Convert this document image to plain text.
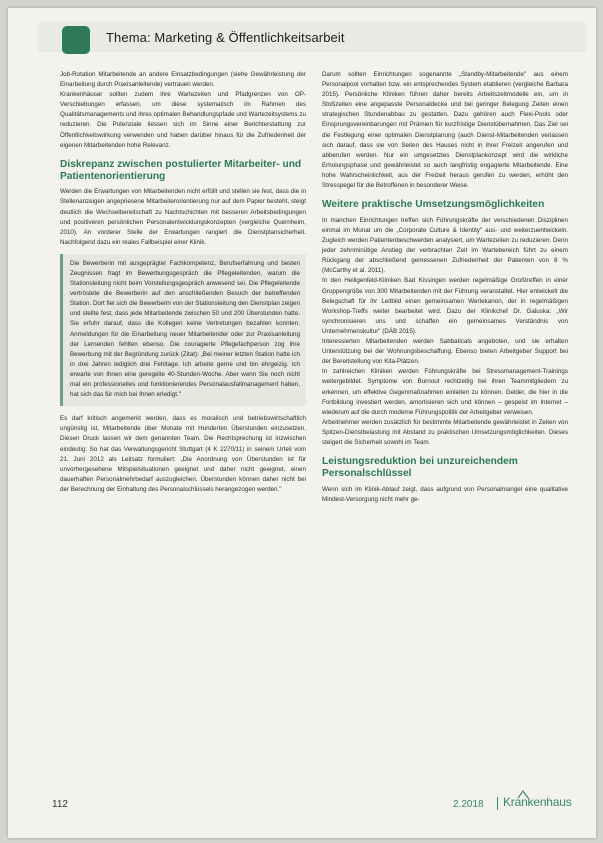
Thema: Marketing & Öffentlichkeitsarbeit

Job-Rotation Mitarbeitende an andere Einsatzbedingungen (siehe Gewährleistung der Einarbeitung durch Praxisanleitende) vertrauen werden.

Krankenhäuser sollten zudem ihre Wartezeiten und Pfadgrenzen von OP-Verschiebungen erfassen, um diese systematisch im Rahmen des Qualitätsmanagements und ihres optimalen Behandlungspfade und Wartezeitsystems zu reduzieren. Die Potenziale liessen sich im Sinne einer Berichterstattung zur Öffentlichkeitswirkung verwenden und haben darüber hinaus für die Zufriedenheit der eigenen Mitarbeitenden hohe Relevanz.

Diskrepanz zwischen postulierter Mitarbeiter- und Patientenorientierung

Werden die Erwartungen von Mitarbeitenden nicht erfüllt und stellen sie fest, dass die in Stellenanzeigen angepriesene Mitarbeiterorientierung nur auf dem Papier besteht, steigt deutlich die Wechselbereitschaft zu Nachtschichten mit besseren Arbeitsbedingungen und positiveren persönlichen Personalentwicklungskonzepten (vergleiche Quernheim, 2010). An vorderer Stelle der Erwartungen rangiert die Dienstplansicherheit. Nachfolgend dazu ein reales Fallbeispiel einer Klinik.

Die Bewerberin mit ausgeprägter Fachkompetenz, Berufserfahrung und besten Zeugnissen fragt im Bewerbungsgespräch die Pflegeleitenden, warum die Stationsleitung nicht beim Vorstellungsgespräch anwesend sei. Die Pflegeleitende vertröstete die Bewerberin auf den anschließenden Besuch der betreffenden Station. Dort fiel sich die Bewerberin von der Stationsleitung den Dienstplan zeigen und stellte fest, dass jede Mitarbeitende zwischen 50 und 200 Überstunden hatte. Sie erfuhr darauf, dass die Kollegen keine Vertretungen bezahlen konnten. Anmeldungen für die Einarbeitung neuer Mitarbeitender oder zur Praxisanleitung der Lernenden fehlten ebenso. Die couragierte Pflegefachperson zog ihre Bewerbung mit der Begründung zurück (Zitat): „Bei meiner letzten Station hatte ich in drei Jahren lediglich drei Fehltage. Ich arbeite gerne und bin ehrgeizig. Ich erwarte von Ihnen eine geregelte 40-Stunden-Woche. Aber wenn Sie noch nicht mal ein professionelles und funktionierendes Personalausfallmanagement haben, hat sich das für mich bei Ihnen erledigt."

Es darf kritisch angemerkt werden, dass es moralisch und betriebswirtschaftlich ungünstig ist, Mitarbeitende über Monate mit Hunderten Überstunden einzusetzen. Diesen Druck lassen wir dem genannten Team. Die Rechtsprechung ist inzwischen eindeutig: So hat das Verwaltungsgericht Stuttgart (4 K 2270/11) in seinem Urteil vom 21. Juni 2012 als Leitsatz formuliert: „Die Anordnung von Überstunden ist für unvorhergesehene Mitspielsituationen geeignet und daher nicht geeignet, einen dauerhaften Personalmehrbedarf auszugleichen. Überstunden können daher nicht bei der Berechnung der Einhaltung des Personalschlüssels herangezogen werden."

Darum sollten Einrichtungen sogenannte „Standby-Mitarbeitende" aus einem Personalpool vorhalten bzw. ein entsprechendes System etablieren (vergleiche Barbara 2015). Persönliche Kliniken führen daher bereits Arbeitszeitmodelle ein, um in Stoßzeiten eine angepasste Personaldecke und bei geringer Belegung Zeiten einen strategischen Stundenabbau zu gestatten. Dazu gehören auch Flexi-Pools oder Einsprungsvereinbarungen mit Prämien für kurzfristige Dienstübernahmen. Das Ziel sei die Festlegung einer optimalen Dienstplanung (auch Dienst-Mitarbeitenden verlassen sich darauf, dass sie von Seiten des Hauses nicht in ihrer Freizeit angerufen und abberufen werden. Nur ein umgesetztes Dienstplankonzept wird die wirkliche Erholungsphase und gewährleistet so auch langfristig engagierte Mitarbeitende. Eine hohe Wahrscheinlichkeit, aus der Freizeit heraus gerufen zu werden, erhöht den Stresspegel für die Betroffenen in besonderer Weise.

Weitere praktische Umsetzungsmöglichkeiten

In manchen Einrichtungen treffen sich Führungskräfte der verschiedenen Disziplinen einmal im Monat um die „Corporate Culture & Identity" aus- und weiterzuentwickeln. Zugleich werden Patientenbeschwerden analysiert, um Wartezeiten zu reduzieren. Denn jeder zehnminütige Anstieg der verbrachten Zeit im Wartebereich führt zu einem Rückgang der abschließend gemessenen Zufriedenheit der Patienten von 8 % (McCarthy et al. 2011).

In den Heiligenfeld-Kliniken Bad Kissingen werden regelmäßige Großtreffen in einer Gruppengröße von 300 Mitarbeitenden mit der Führung veranstaltet. Hier entwickelt die Belegschaft für ihr Leitbild einen gemeinsamen Wertekanon, der in regelmäßigen Workshop-Treffs weiter bearbeitet wird. Dazu der Klinikchef Dr. Galuska: „Wir synchronisieren uns und schaffen ein gemeinsames Verständnis von Unternehmenskultur" (DÄB 2015).

Interessierten Mitarbeitenden werden Sabbaticals angeboten, und sie erhalten Unterstützung bei der Wohnungsbeschaffung. Ebenso bieten Arbeitgeber Support bei der Bereitstellung von Kita-Plätzen.

In zahlreichen Kliniken werden Führungskräfte bei Stressmanagement-Trainings weitergebildet. Symptome von Burnout rechtzeitig bei ihren Teammitgliedern zu erkennen, um effektive Gegenmaßnahmen einleiten zu können. Gelder, die hier in die Fortbildung investiert werden, amortisieren sich und können – gespeist im Internet – wiederum auf die durch moderne Führungspolitik der Arbeitgeber verweisen.

Arbeitnehmer werden zusätzlich für bestimmte Mitarbeitende gewährleistet in Zeiten von Spitzen-Dienstbelastung mit Abstand zu praktischen Umsetzungsmöglichkeiten. Dieses steigert die Sicherheit sowohl im Team.

Leistungsreduktion bei unzureichendem Personalschlüssel

Wenn sich im Klinik-Ablauf zeigt, dass aufgrund von Personalmangel eine qualitative Mindest-Versorgung nicht mehr ge-

112	2.2018 Krankenhaus
